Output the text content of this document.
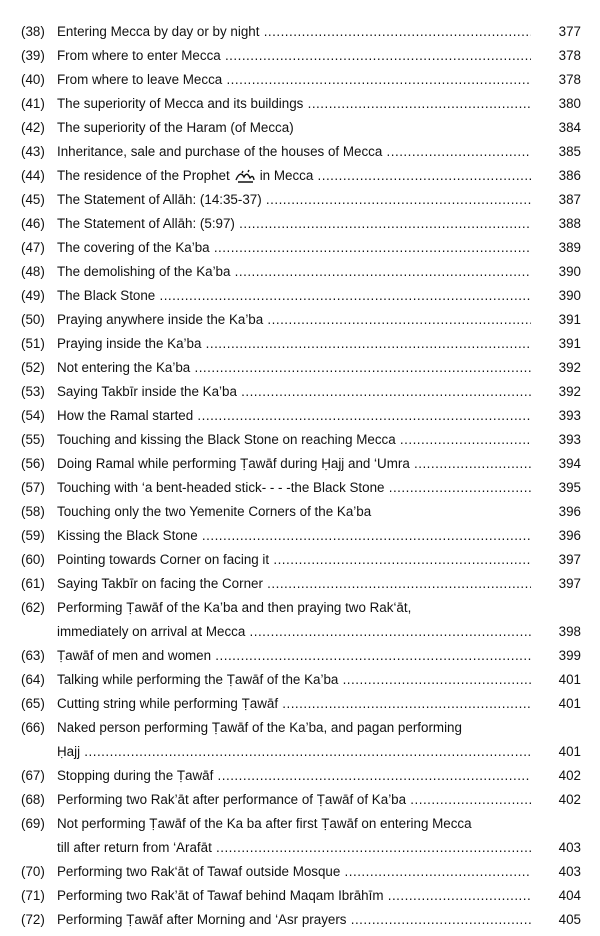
(38) Entering Mecca by day or by night .....	377
(39) From where to enter Mecca .....	378
(40) From where to leave Mecca .....	378
(41) The superiority of Mecca and its buildings .....	380
(42) The superiority of the Haram (of Mecca)	384
(43) Inheritance, sale and purchase of the houses of Mecca .....	385
(44) The residence of the Prophet in Mecca .....	386
(45) The Statement of Allāh: (14:35-37) .....	387
(46) The Statement of Allāh: (5:97) .....	388
(47) The covering of the Ka’ba .....	389
(48) The demolishing of the Ka’ba .....	390
(49) The Black Stone .....	390
(50) Praying anywhere inside the Ka’ba .....	391
(51) Praying inside the Ka’ba .....	391
(52) Not entering the Ka’ba .....	392
(53) Saying Takbīr inside the Ka’ba .....	392
(54) How the Ramal started .....	393
(55) Touching and kissing the Black Stone on reaching Mecca .....	393
(56) Doing Ramal while performing Ṭawāf during Ḥajj and ‘Umra .....	394
(57) Touching with ‘a bent-headed stick- - - -the Black Stone .....	395
(58) Touching only the two Yemenite Corners of the Ka’ba	396
(59) Kissing the Black Stone .....	396
(60) Pointing towards Corner on facing it .....	397
(61) Saying Takbīr on facing the Corner .....	397
(62) Performing Ṭawāf of the Ka’ba and then praying two Rak‘āt,
immediately on arrival at Mecca .....	398
(63) Ṭawāf of men and women .....	399
(64) Talking while performing the Ṭawāf of the Ka’ba .....	401
(65) Cutting string while performing Ṭawāf .....	401
(66) Naked person performing Ṭawāf of the Ka’ba, and pagan performing
Ḥajj .....	401
(67) Stopping during the Ṭawāf .....	402
(68) Performing two Rak’āt after performance of Ṭawāf of Ka’ba .....	402
(69) Not performing Ṭawāf of the Ka ba after first Ṭawāf on entering Mecca
till after return from ‘Arafāt .....	403
(70) Performing two Rak‘āt of Tawaf outside Mosque .....	403
(71) Performing two Rak’āt of Tawaf behind Maqam Ibrāhīm .....	404
(72) Performing Ṭawāf after Morning and ‘Asr prayers .....	405
